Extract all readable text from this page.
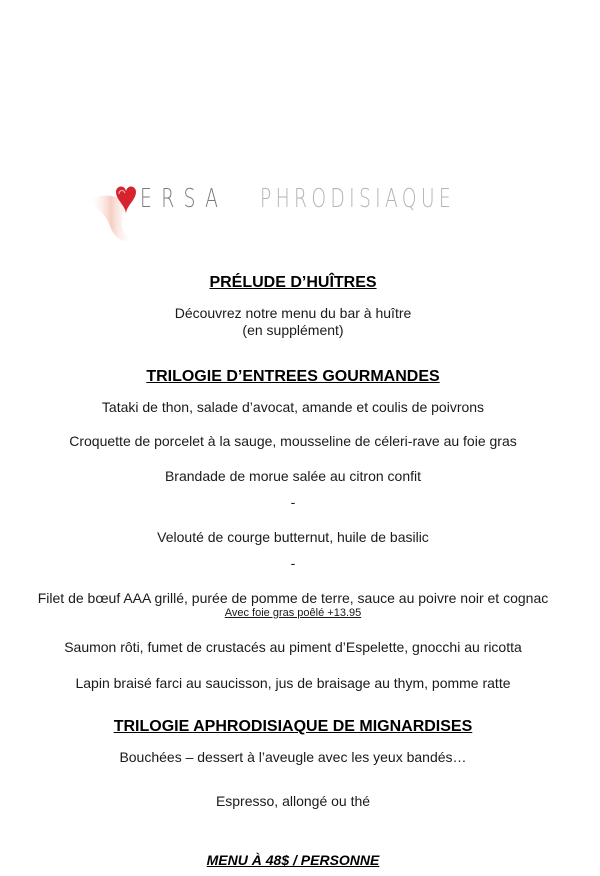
ERSA PHRODISIAQUE
PRÉLUDE D’HUÎTRES
Découvrez notre menu du bar à huître
(en supplément)
TRILOGIE D’ENTREES GOURMANDES
Tataki de thon, salade d’avocat, amande et coulis de poivrons
Croquette de porcelet à la sauge, mousseline de céleri-rave au foie gras
Brandade de morue salée au citron confit
-
Velouté de courge butternut, huile de basilic
-
Filet de bœuf AAA grillé, purée de pomme de terre, sauce au poivre noir et cognac
Avec foie gras poêlé +13.95
Saumon rôti, fumet de crustacés au piment d’Espelette, gnocchi au ricotta
Lapin braisé farci au saucisson, jus de braisage au thym, pomme ratte
TRILOGIE APHRODISIAQUE DE MIGNARDISES
Bouchées – dessert à l’aveugle avec les yeux bandés…
Espresso, allongé ou thé
MENU À 48$ / PERSONNE
